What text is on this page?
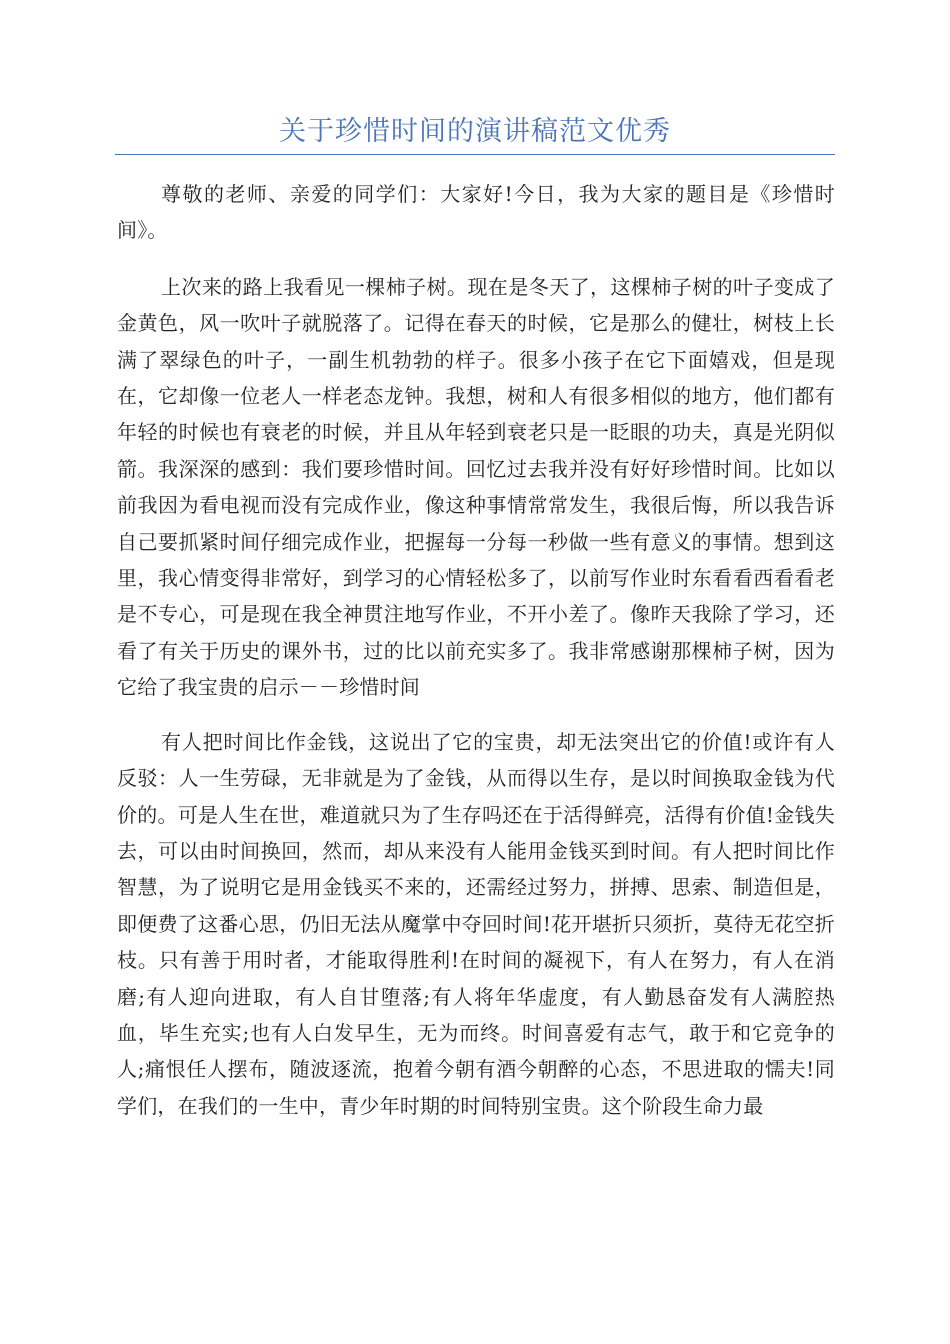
关于珍惜时间的演讲稿范文优秀

尊敬的老师、亲爱的同学们：大家好!今日，我为大家的题目是《珍惜时间》。

上次来的路上我看见一棵柿子树。现在是冬天了，这棵柿子树的叶子变成了金黄色，风一吹叶子就脱落了。记得在春天的时候，它是那么的健壮，树枝上长满了翠绿色的叶子，一副生机勃勃的样子。很多小孩子在它下面嬉戏，但是现在，它却像一位老人一样老态龙钟。我想，树和人有很多相似的地方，他们都有年轻的时候也有衰老的时候，并且从年轻到衰老只是一眨眼的功夫，真是光阴似箭。我深深的感到：我们要珍惜时间。回忆过去我并没有好好珍惜时间。比如以前我因为看电视而没有完成作业，像这种事情常常发生，我很后悔，所以我告诉自己要抓紧时间仔细完成作业，把握每一分每一秒做一些有意义的事情。想到这里，我心情变得非常好，到学习的心情轻松多了，以前写作业时东看看西看看老是不专心，可是现在我全神贯注地写作业，不开小差了。像昨天我除了学习，还看了有关于历史的课外书，过的比以前充实多了。我非常感谢那棵柿子树，因为它给了我宝贵的启示－－珍惜时间

有人把时间比作金钱，这说出了它的宝贵，却无法突出它的价值!或许有人反驳：人一生劳碌，无非就是为了金钱，从而得以生存，是以时间换取金钱为代价的。可是人生在世，难道就只为了生存吗还在于活得鲜亮，活得有价值!金钱失去，可以由时间换回，然而，却从来没有人能用金钱买到时间。有人把时间比作智慧，为了说明它是用金钱买不来的，还需经过努力，拼搏、思索、制造但是，即便费了这番心思，仍旧无法从魔掌中夺回时间!花开堪折只须折，莫待无花空折枝。只有善于用时者，才能取得胜利!在时间的凝视下，有人在努力，有人在消磨;有人迎向进取，有人自甘堕落;有人将年华虚度，有人勤恳奋发有人满腔热血，毕生充实;也有人白发早生，无为而终。时间喜爱有志气，敢于和它竞争的人;痛恨任人摆布，随波逐流，抱着今朝有酒今朝醉的心态，不思进取的懦夫!同学们，在我们的一生中，青少年时期的时间特别宝贵。这个阶段生命力最
